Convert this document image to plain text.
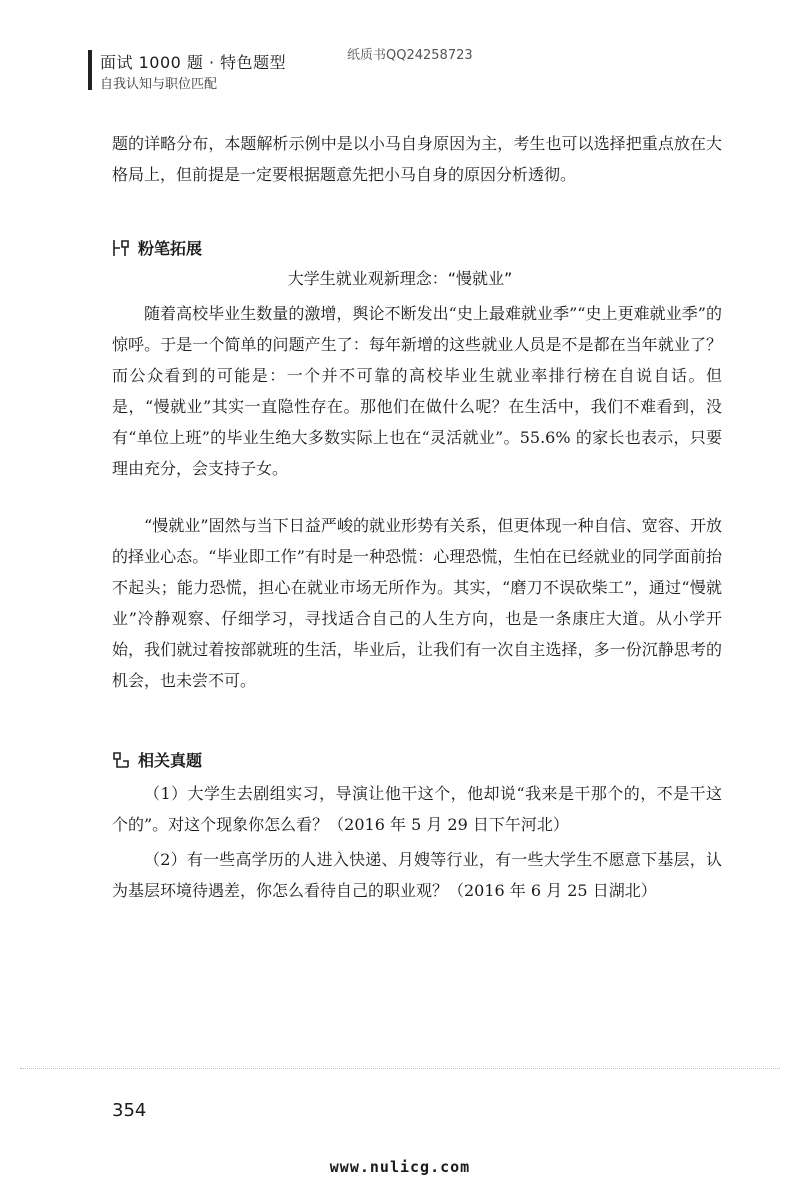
面试 1000 题 · 特色题型
自我认知与职位匹配
纸质书QQ24258723

题的详略分布，本题解析示例中是以小马自身原因为主，考生也可以选择把重点放在大格局上，但前提是一定要根据题意先把小马自身的原因分析透彻。

粉笔拓展
大学生就业观新理念：“慢就业”

随着高校毕业生数量的激增，舆论不断发出“史上最难就业季”“史上更难就业季”的惊呼。于是一个简单的问题产生了：每年新增的这些就业人员是不是都在当年就业了？而公众看到的可能是：一个并不可靠的高校毕业生就业率排行榜在自说自话。但是，“慢就业”其实一直隐性存在。那他们在做什么呢？在生活中，我们不难看到，没有“单位上班”的毕业生绝大多数实际上也在“灵活就业”。55.6% 的家长也表示，只要理由充分，会支持子女。

“慢就业”固然与当下日益严峻的就业形势有关系，但更体现一种自信、宽容、开放的择业心态。“毕业即工作”有时是一种恐慌：心理恐慌，生怕在已经就业的同学面前抬不起头；能力恐慌，担心在就业市场无所作为。其实，“磨刀不误砍柴工”，通过“慢就业”冷静观察、仔细学习，寻找适合自己的人生方向，也是一条康庄大道。从小学开始，我们就过着按部就班的生活，毕业后，让我们有一次自主选择，多一份沉静思考的机会，也未尝不可。

相关真题

（1）大学生去剧组实习，导演让他干这个，他却说“我来是干那个的，不是干这个的”。对这个现象你怎么看？（2016 年 5 月 29 日下午河北）

（2）有一些高学历的人进入快递、月嫂等行业，有一些大学生不愿意下基层，认为基层环境待遇差，你怎么看待自己的职业观？（2016 年 6 月 25 日湖北）

354
www.nulicg.com
